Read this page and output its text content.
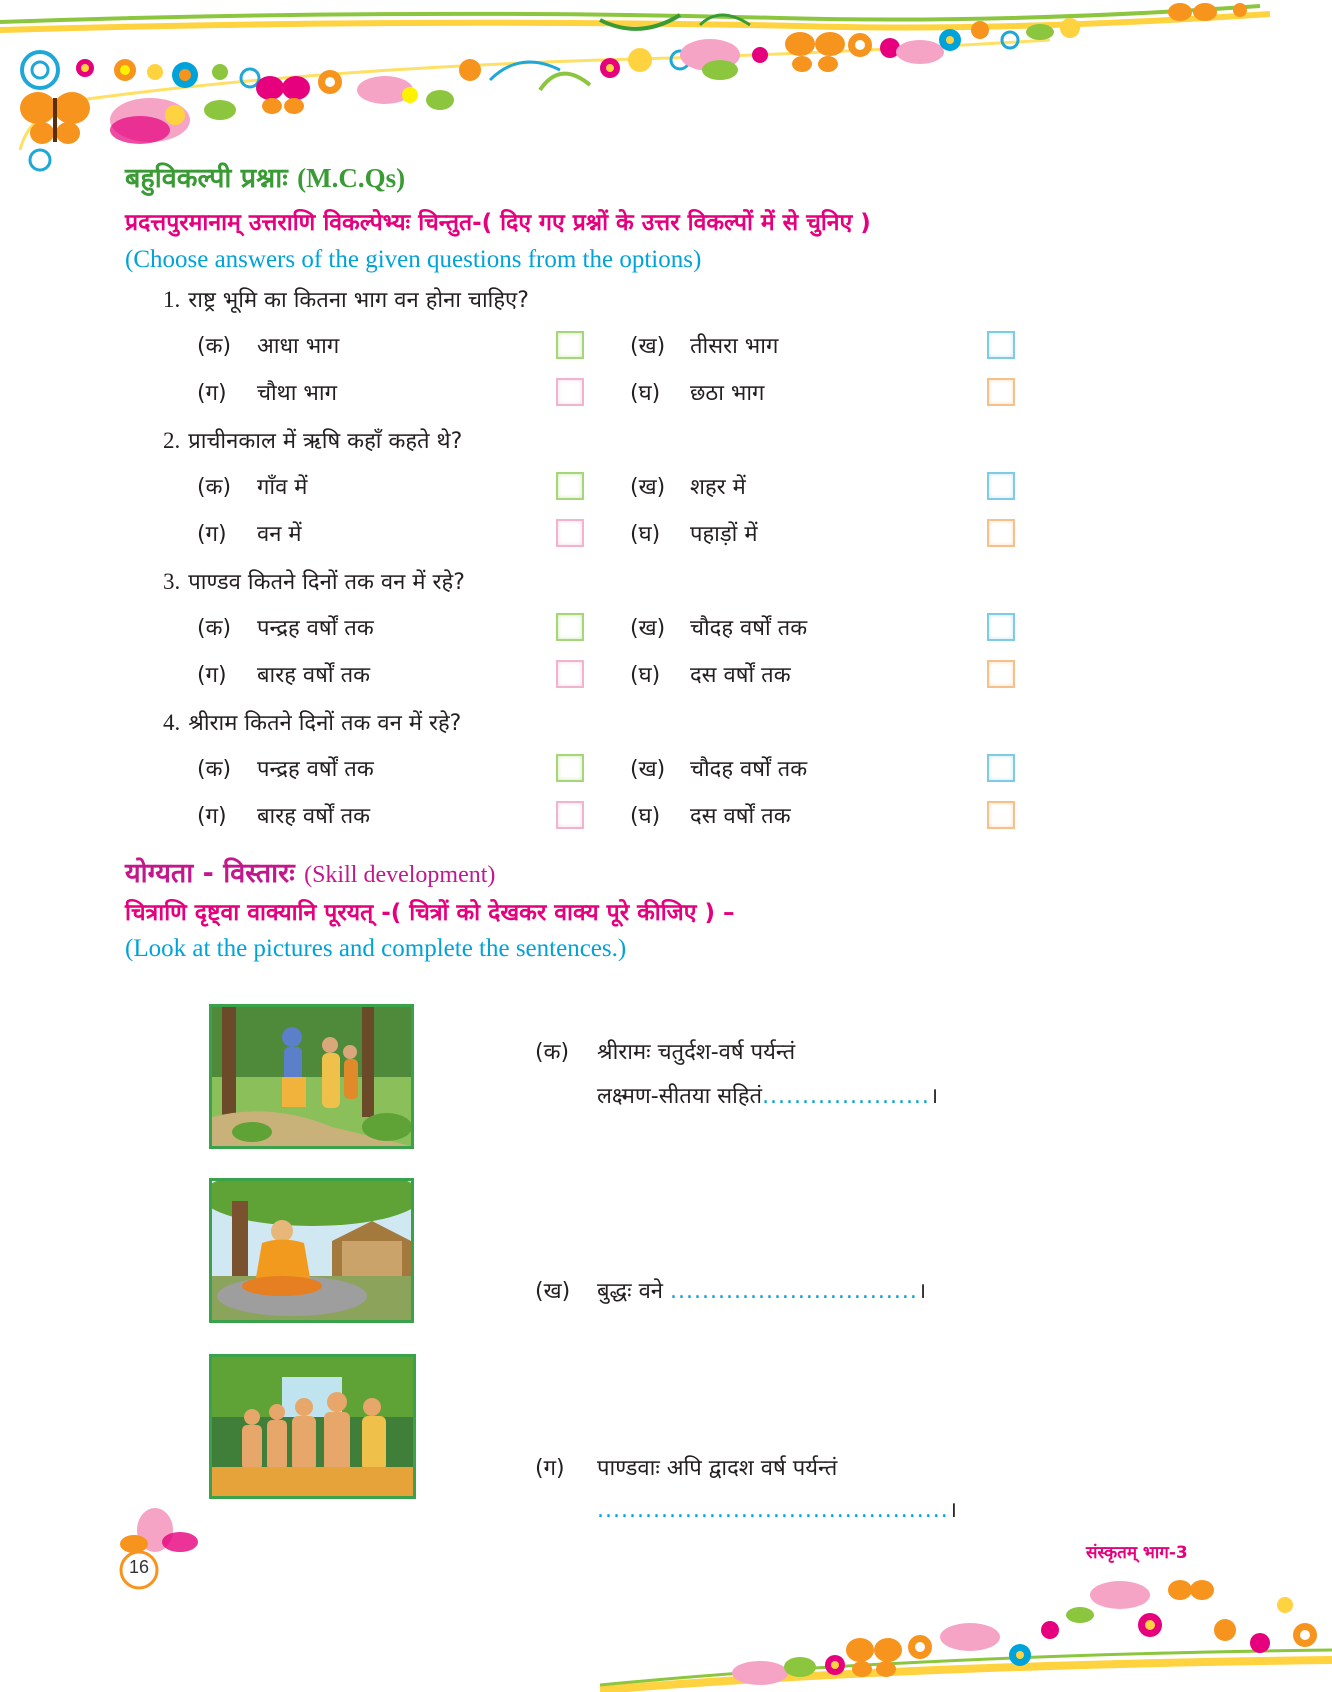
बहुविकल्पी प्रश्नाः (M.C.Qs)
प्रदत्तपुरमानाम् उत्तराणि विकल्पेभ्यः चिन्तुत-( दिए गए प्रश्नों के उत्तर विकल्पों में से चुनिए )
(Choose answers of the given questions from the options)
1. राष्ट्र भूमि का कितना भाग वन होना चाहिए?
(क) आधा भाग	(ख) तीसरा भाग
(ग) चौथा भाग	(घ) छठा भाग
2. प्राचीनकाल में ऋषि कहाँ कहते थे?
(क) गाँव में	(ख) शहर में
(ग) वन में	(घ) पहाड़ों में
3. पाण्डव कितने दिनों तक वन में रहे?
(क) पन्द्रह वर्षों तक	(ख) चौदह वर्षों तक
(ग) बारह वर्षों तक	(घ) दस वर्षों तक
4. श्रीराम कितने दिनों तक वन में रहे?
(क) पन्द्रह वर्षों तक	(ख) चौदह वर्षों तक
(ग) बारह वर्षों तक	(घ) दस वर्षों तक
योग्यता - विस्तारः (Skill development)
चित्राणि दृष्ट्वा वाक्यानि पूरयत् -( चित्रों को देखकर वाक्य पूरे कीजिए ) –
(Look at the pictures and complete the sentences.)
(क) श्रीरामः चतुर्दश-वर्ष पर्यन्तं
लक्ष्मण-सीतया सहितं.....................।
(ख) बुद्धः वने ...............................।
(ग) पाण्डवाः अपि द्वादश वर्ष पर्यन्तं
............................................।
16
संस्कृतम् भाग-3
